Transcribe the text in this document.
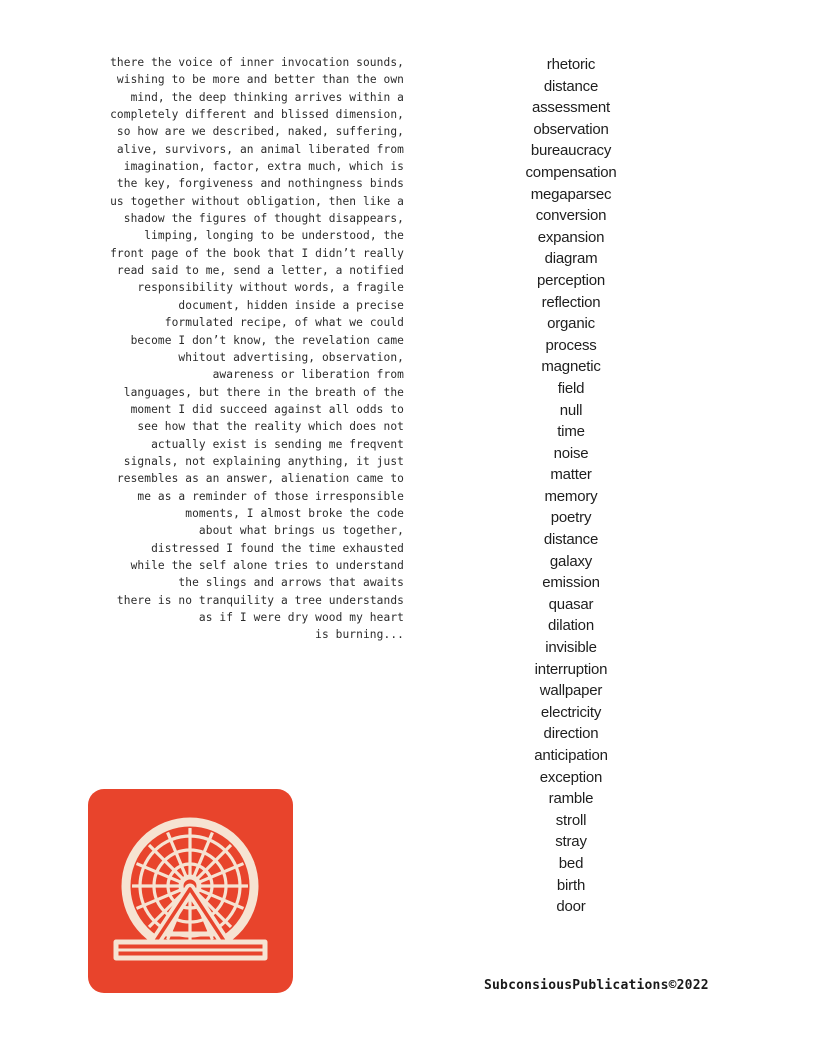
there the voice of inner invocation sounds,
wishing to be more and better than the own
mind, the deep thinking arrives within a
completely different and blissed dimension,
so how are we described, naked, suffering,
alive, survivors, an animal liberated from
imagination, factor, extra much, which is
the key, forgiveness and nothingness binds
us together without obligation, then like a
shadow the figures of thought disappears,
limping, longing to be understood, the
front page of the book that I didn’t really
read said to me, send a letter, a notified
responsibility without words, a fragile
document, hidden inside a precise
formulated recipe, of what we could
become I don’t know, the revelation came
whitout advertising, observation,
awareness or liberation from
languages, but there in the breath of the
moment I did succeed against all odds to
see how that the reality which does not
actually exist is sending me freqvent
signals, not explaining anything, it just
resembles as an answer, alienation came to
me as a reminder of those irresponsible
moments, I almost broke the code
about what brings us together,
distressed I found the time exhausted
while the self alone tries to understand
the slings and arrows that awaits
there is no tranquility a tree understands
as if I were dry wood my heart
is burning...
rhetoric
distance
assessment
observation
bureaucracy
compensation
megaparsec
conversion
expansion
diagram
perception
reflection
organic
process
magnetic
field
null
time
noise
matter
memory
poetry
distance
galaxy
emission
quasar
dilation
invisible
interruption
wallpaper
electricity
direction
anticipation
exception
ramble
stroll
stray
bed
birth
door
SubconsiousPublications©2022
